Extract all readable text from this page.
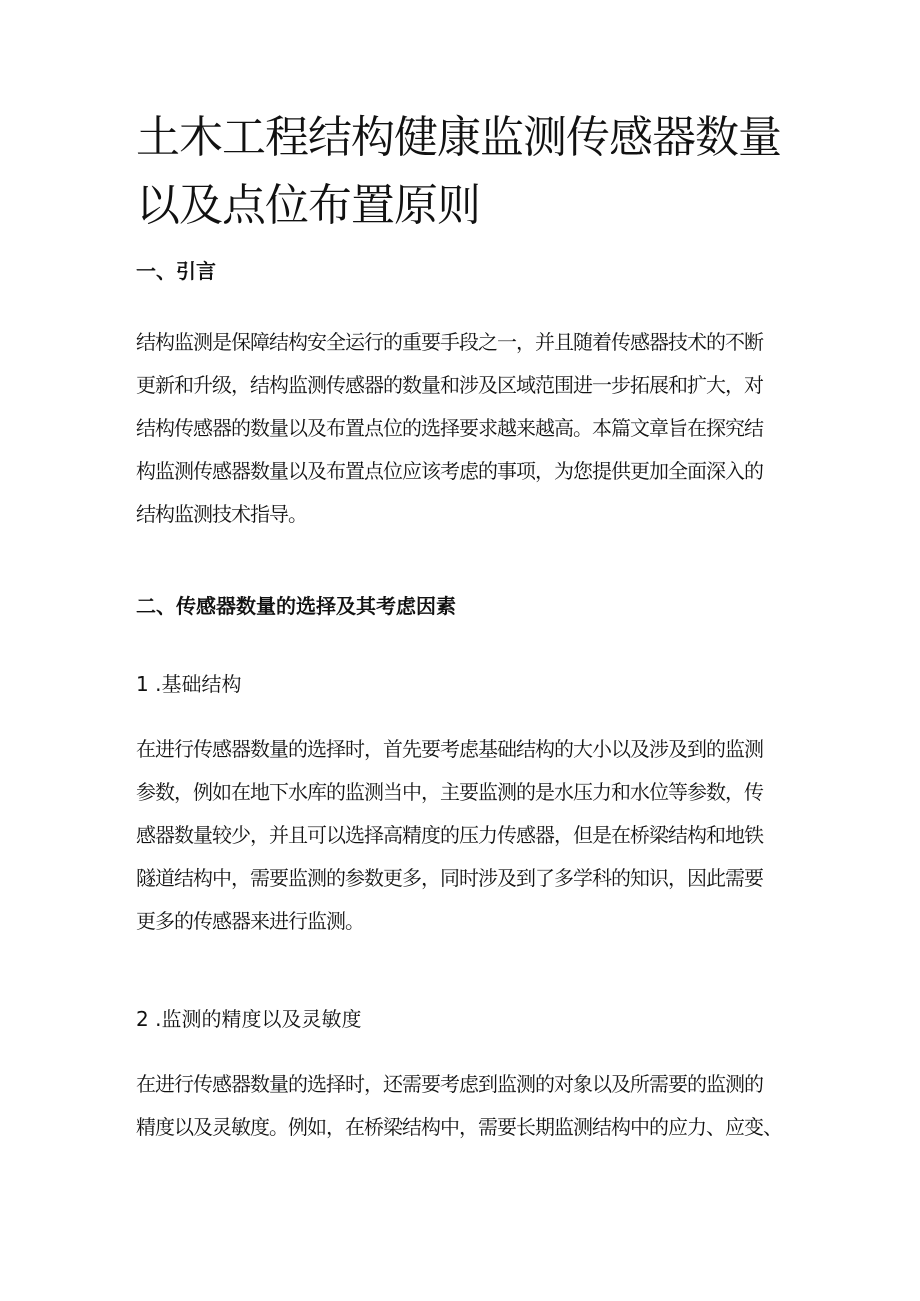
土木工程结构健康监测传感器数量以及点位布置原则
一、引言
结构监测是保障结构安全运行的重要手段之一，并且随着传感器技术的不断
更新和升级，结构监测传感器的数量和涉及区域范围进一步拓展和扩大，对
结构传感器的数量以及布置点位的选择要求越来越高。本篇文章旨在探究结
构监测传感器数量以及布置点位应该考虑的事项，为您提供更加全面深入的
结构监测技术指导。
二、传感器数量的选择及其考虑因素
1 .基础结构
在进行传感器数量的选择时，首先要考虑基础结构的大小以及涉及到的监测
参数，例如在地下水库的监测当中，主要监测的是水压力和水位等参数，传
感器数量较少，并且可以选择高精度的压力传感器，但是在桥梁结构和地铁
隧道结构中，需要监测的参数更多，同时涉及到了多学科的知识，因此需要
更多的传感器来进行监测。
2 .监测的精度以及灵敏度
在进行传感器数量的选择时，还需要考虑到监测的对象以及所需要的监测的
精度以及灵敏度。例如，在桥梁结构中，需要长期监测结构中的应力、应变、
